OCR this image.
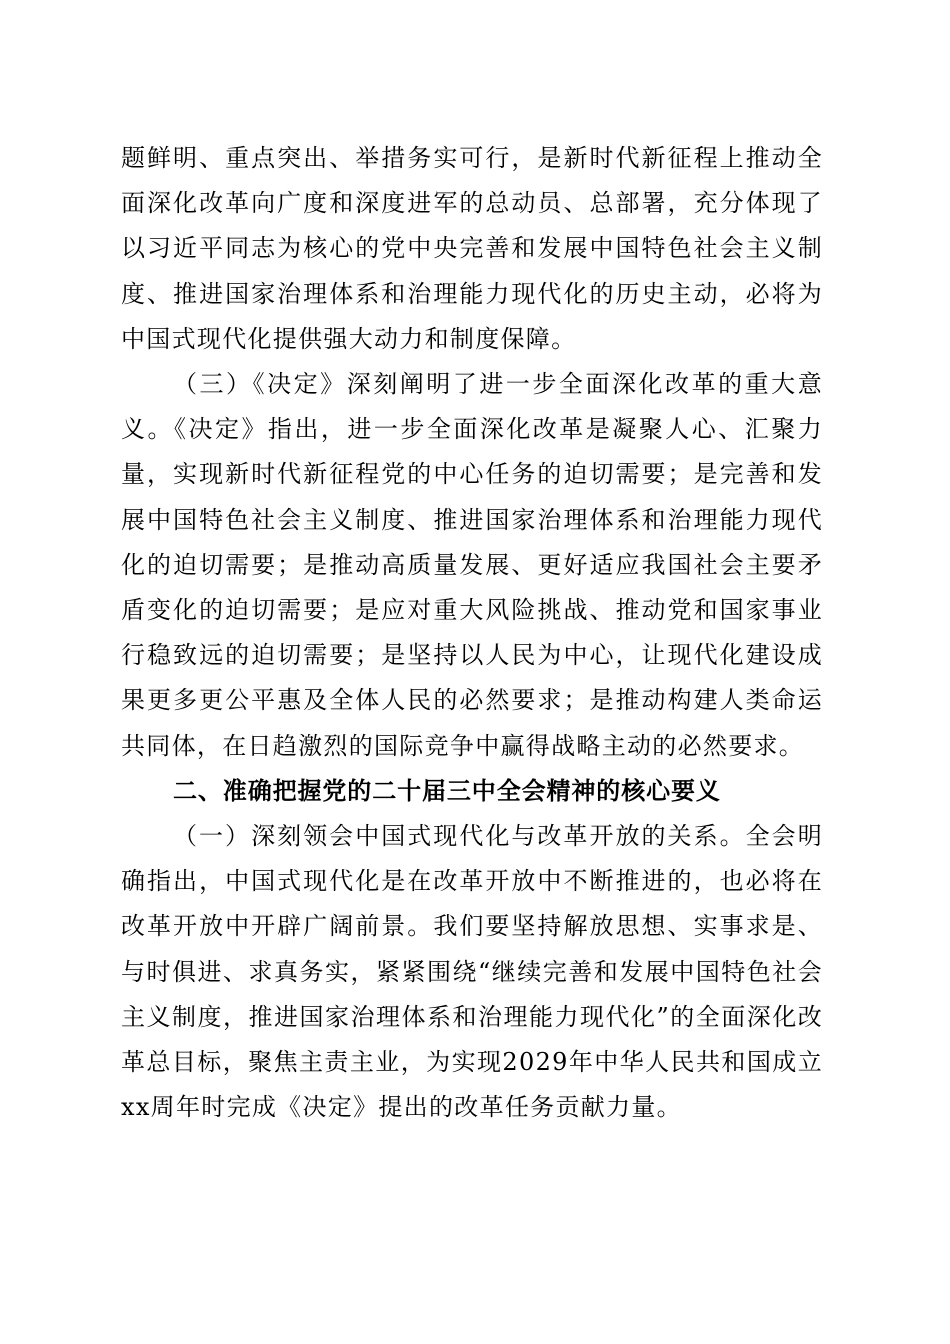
题鲜明、重点突出、举措务实可行，是新时代新征程上推动全面深化改革向广度和深度进军的总动员、总部署，充分体现了以习近平同志为核心的党中央完善和发展中国特色社会主义制度、推进国家治理体系和治理能力现代化的历史主动，必将为中国式现代化提供强大动力和制度保障。

（三）《决定》深刻阐明了进一步全面深化改革的重大意义。《决定》指出，进一步全面深化改革是凝聚人心、汇聚力量，实现新时代新征程党的中心任务的迫切需要；是完善和发展中国特色社会主义制度、推进国家治理体系和治理能力现代化的迫切需要；是推动高质量发展、更好适应我国社会主要矛盾变化的迫切需要；是应对重大风险挑战、推动党和国家事业行稳致远的迫切需要；是坚持以人民为中心，让现代化建设成果更多更公平惠及全体人民的必然要求；是推动构建人类命运共同体，在日趋激烈的国际竞争中赢得战略主动的必然要求。

二、准确把握党的二十届三中全会精神的核心要义

（一）深刻领会中国式现代化与改革开放的关系。全会明确指出，中国式现代化是在改革开放中不断推进的，也必将在改革开放中开辟广阔前景。我们要坚持解放思想、实事求是、与时俱进、求真务实，紧紧围绕“继续完善和发展中国特色社会主义制度，推进国家治理体系和治理能力现代化”的全面深化改革总目标，聚焦主责主业，为实现2029年中华人民共和国成立xx周年时完成《决定》提出的改革任务贡献力量。
